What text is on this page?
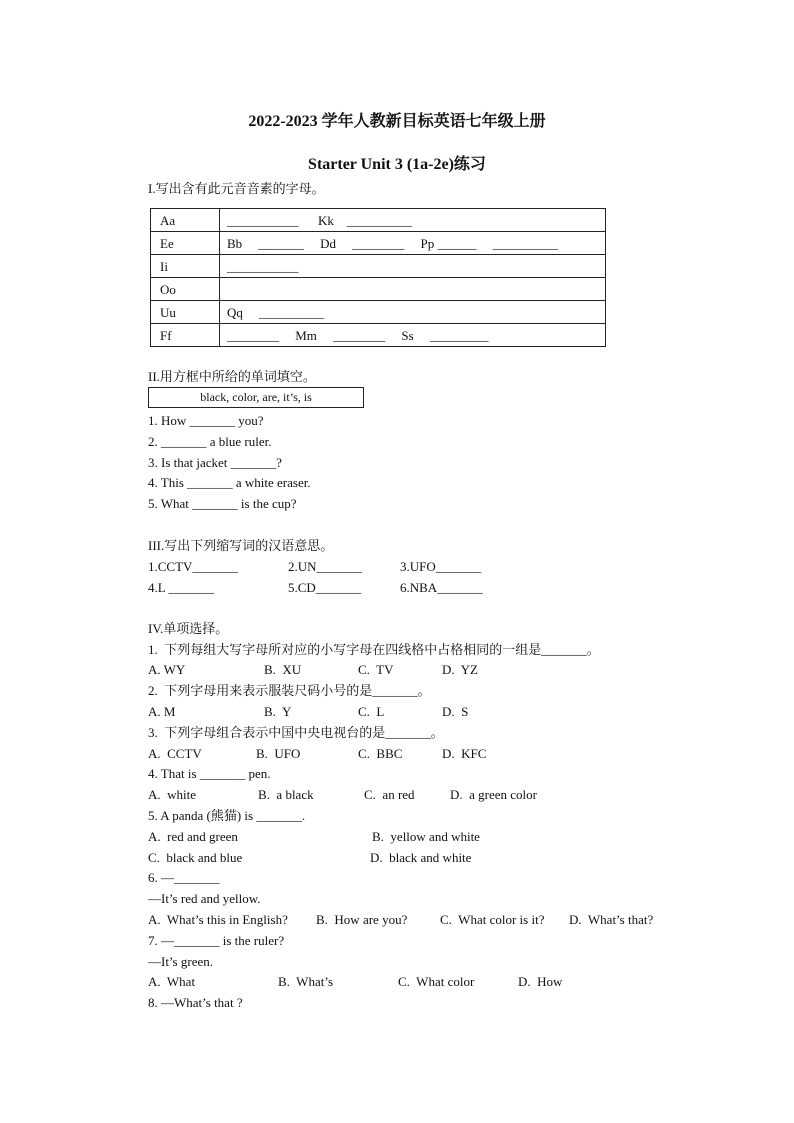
2022-2023 学年人教新目标英语七年级上册
Starter Unit 3 (1a-2e)练习
I.写出含有此元音音素的字母。
Aa	___________      Kk    __________
Ee	Bb     _______     Dd     ________     Pp ______     __________
Ii	___________
Oo
Uu	Qq     __________
Ff	________     Mm     ________     Ss     _________
II.用方框中所给的单词填空。
black, color, are, it’s, is
1. How _______ you?
2. _______ a blue ruler.
3. Is that jacket _______?
4. This _______ a white eraser.
5. What _______ is the cup?
III.写出下列缩写词的汉语意思。
1.CCTV_______	2.UN_______	3.UFO_______
4.L _______	5.CD_______	6.NBA_______
IV.单项选择。
1.  下列每组大写字母所对应的小写字母在四线格中占格相同的一组是_______。
A. WY	B.  XU	C.  TV	D.  YZ
2.  下列字母用来表示服装尺码小号的是_______。
A. M	B.  Y	C.  L	D.  S
3.  下列字母组合表示中国中央电视台的是_______。
A.  CCTV	B.  UFO	C.  BBC	D.  KFC
4. That is _______ pen.
A.  white	B.  a black	C.  an red	D.  a green color
5. A panda (熊猫) is _______.
A.  red and green	B.  yellow and white
C.  black and blue	D.  black and white
6. —_______
—It’s red and yellow.
A.  What’s this in English? B.  How are you?	C.  What color is it? D.  What’s that?
7. —_______ is the ruler?
—It’s green.
A.  What	B.  What’s	C.  What color	D.  How
8. —What’s that ?
